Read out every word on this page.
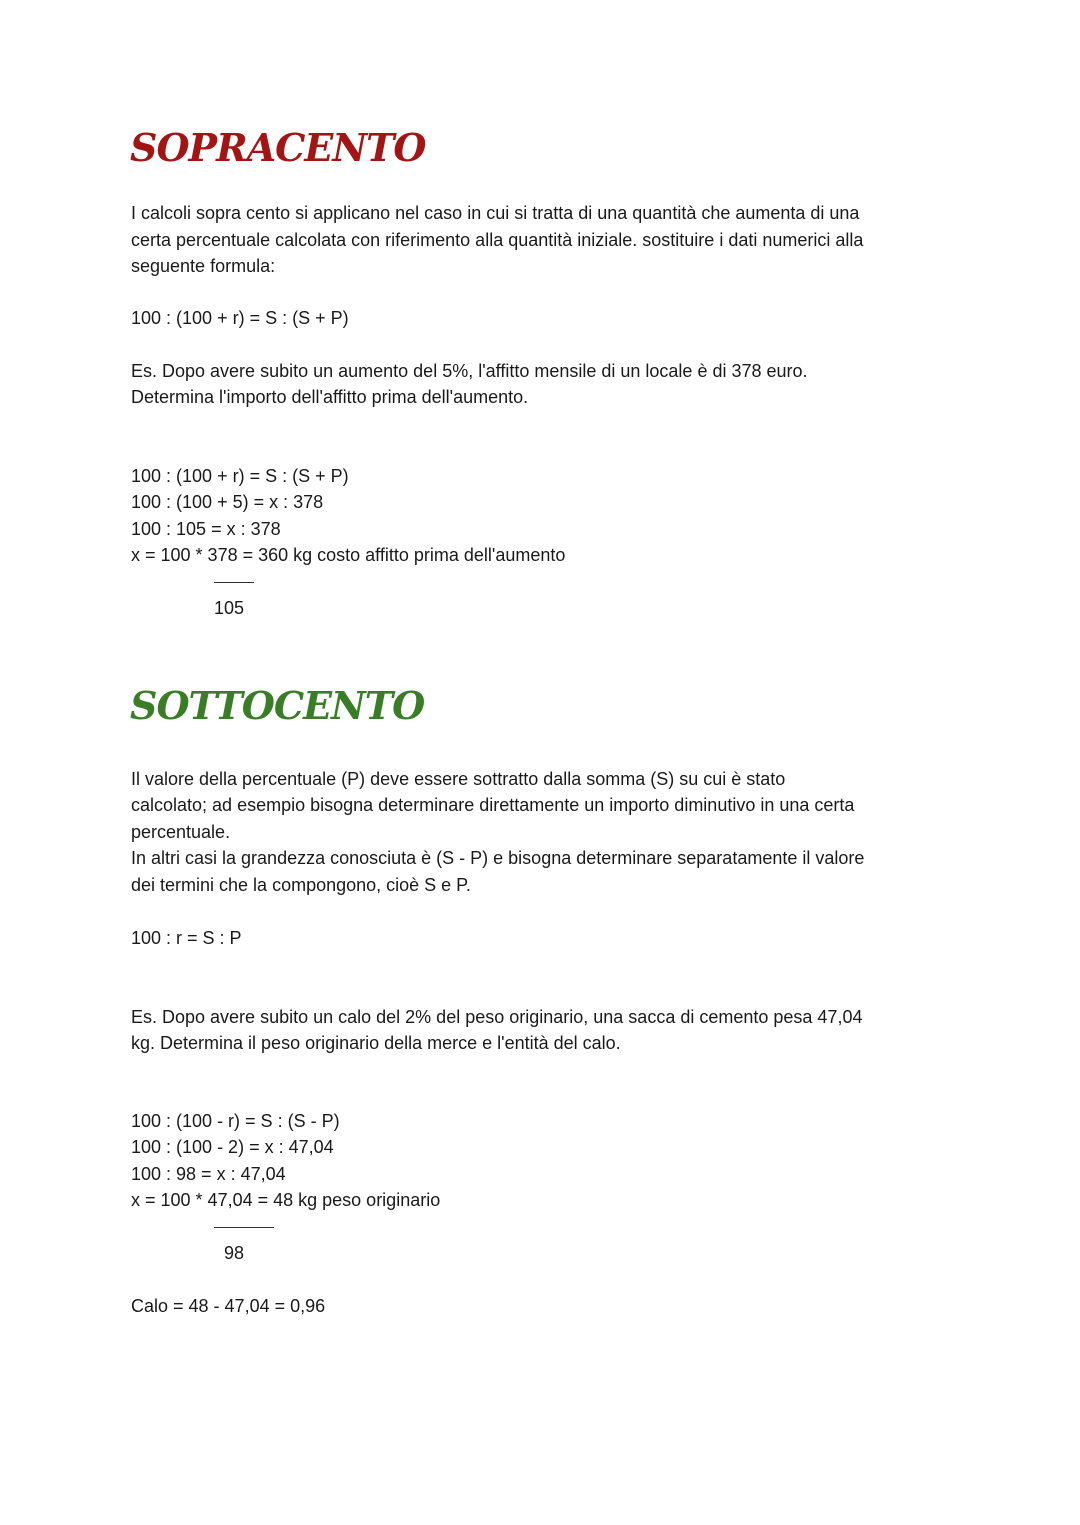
SOPRACENTO

I calcoli sopra cento si applicano nel caso in cui si tratta di una quantità che aumenta di una

certa percentuale calcolata con riferimento alla quantità iniziale. sostituire i dati numerici alla

seguente formula:

100 : (100 + r) = S : (S + P)

Es. Dopo avere subito un aumento del 5%, l'affitto mensile di un locale è di 378 euro.

Determina l'importo dell'affitto prima dell'aumento.

100 : (100 + r) = S : (S + P)

100 : (100 + 5) = x : 378

100 : 105 = x : 378

x = 100 * 378 = 360 kg costo affitto prima dell'aumento

105

SOTTOCENTO

Il valore della percentuale (P) deve essere sottratto dalla somma (S) su cui è stato

calcolato; ad esempio bisogna determinare direttamente un importo diminutivo in una certa

percentuale.

In altri casi la grandezza conosciuta è (S - P) e bisogna determinare separatamente il valore

dei termini che la compongono, cioè S e P.

100 : r = S : P

Es. Dopo avere subito un calo del 2% del peso originario, una sacca di cemento pesa 47,04

kg. Determina il peso originario della merce e l'entità del calo.

100 : (100 - r) = S : (S - P)

100 : (100 - 2) = x : 47,04

100 : 98 = x : 47,04

x = 100 * 47,04 = 48 kg peso originario

98

Calo = 48 - 47,04 = 0,96
